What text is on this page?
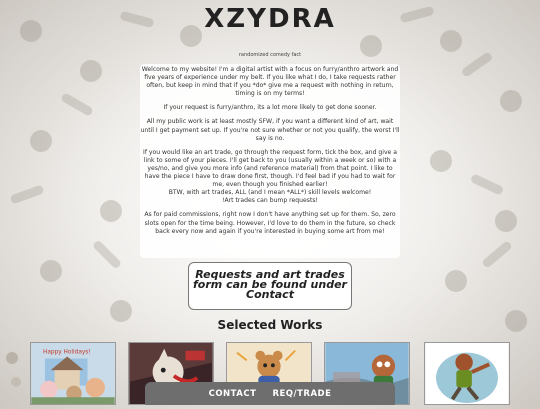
XZYDRA
randomized comedy fact

Welcome to my website! I'm a digital artist with a focus on furry/anthro artwork and five years of experience under my belt. If you like what I do, I take requests rather often, but keep in mind that if you *do* give me a request with nothing in return, timing is on my terms!

If your request is furry/anthro, its a lot more likely to get done sooner.

All my public work is at least mostly SFW, if you want a different kind of art, wait until I get payment set up. If you're not sure whether or not you qualify, the worst I'll say is no.

If you would like an art trade, go through the request form, tick the box, and give a link to some of your pieces. I'll get back to you (usually within a week or so) with a yes/no, and give you more info (and reference material) from that point. I like to have the piece I have to draw done first, though. I'd feel bad if you had to wait for me, even though you finished earlier!

BTW, with art trades, ALL (and I mean *ALL*) skill levels welcome!

!Art trades can bump requests!

As for paid commissions, right now I don't have anything set up for them. So, zero slots open for the time being. However, I'd love to do them in the future, so check back every now and again if you're interested in buying some art from me!

Requests and art trades form can be found under Contact
Selected Works
Happy Holidays!
CONTACT REQ/TRADE
